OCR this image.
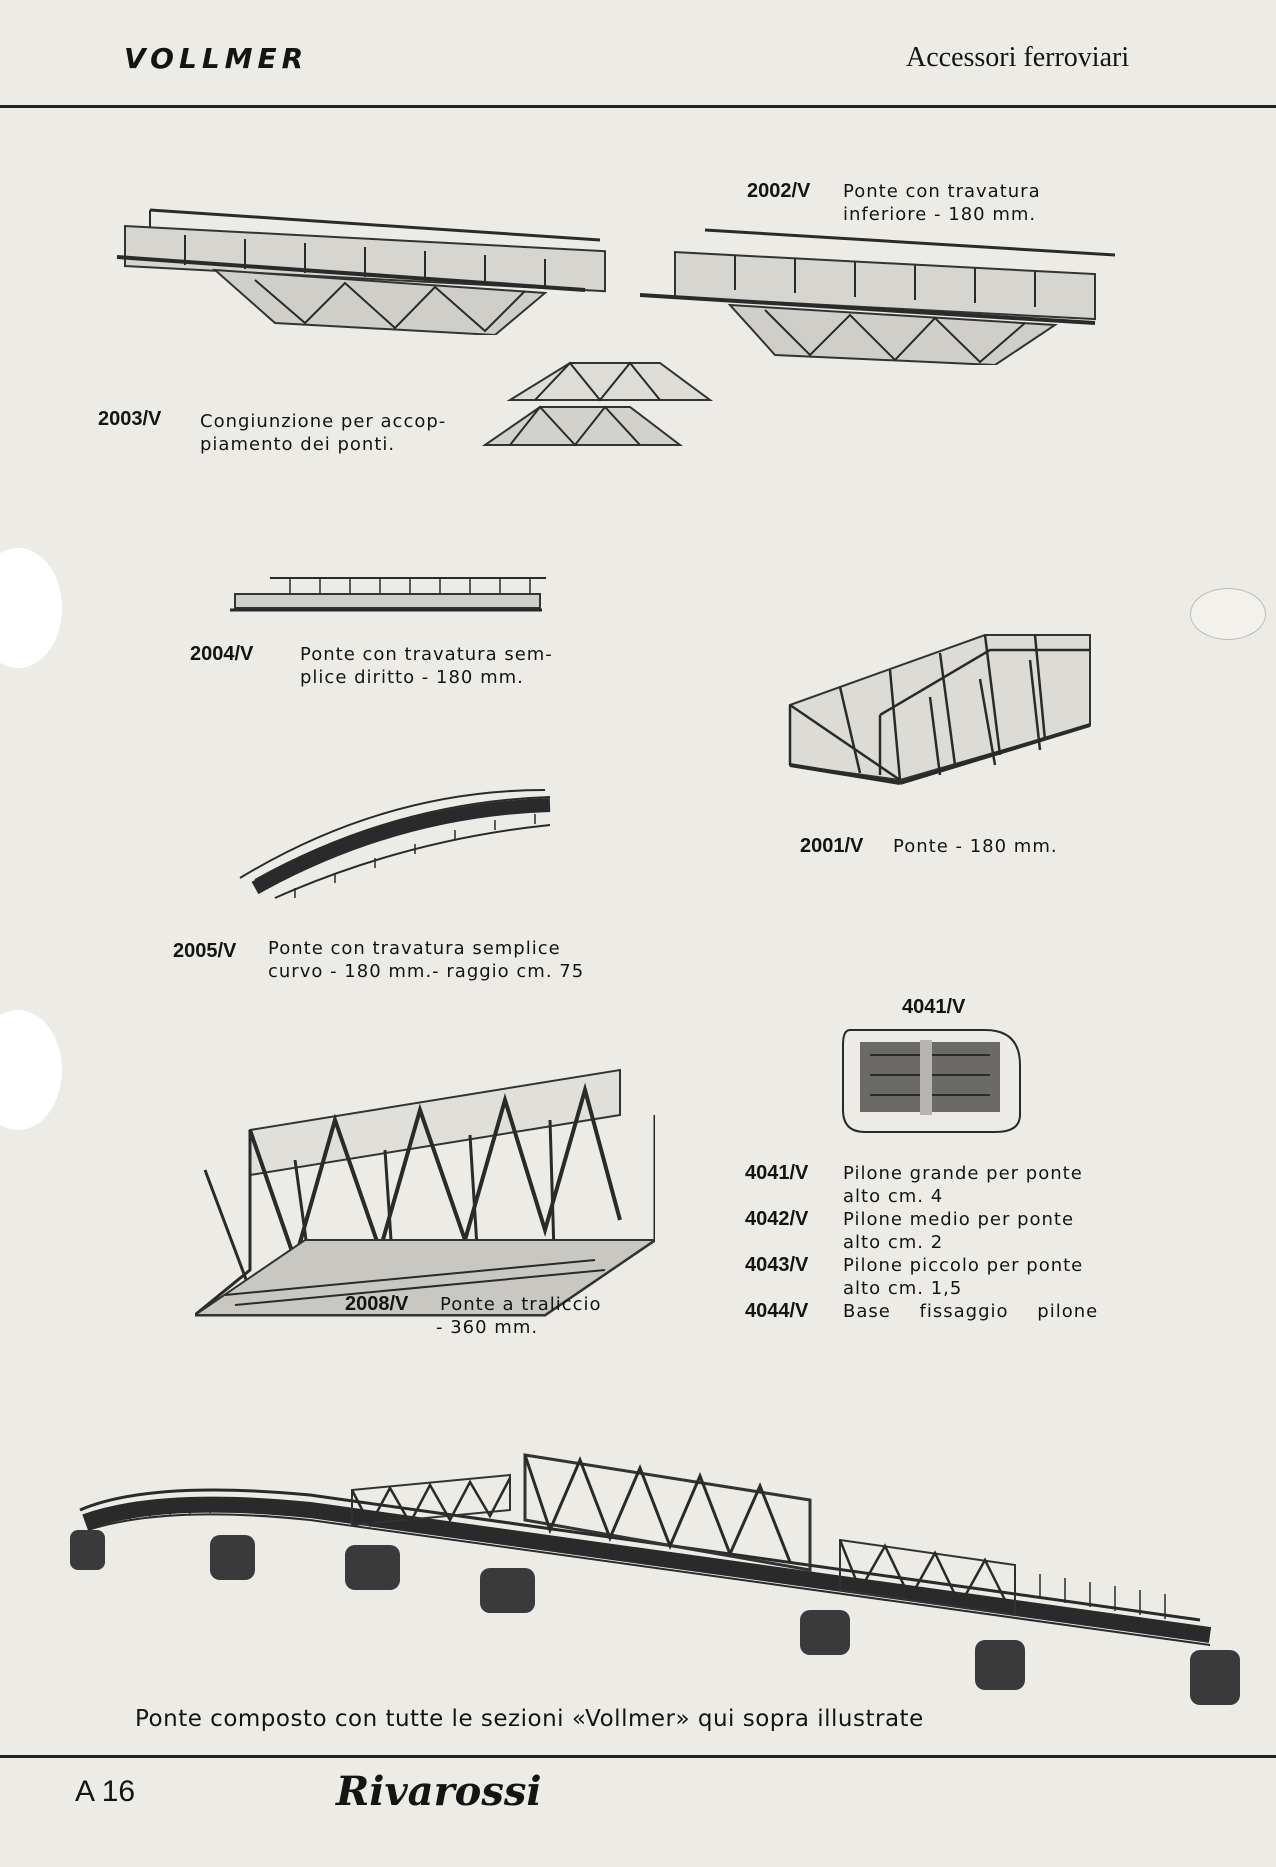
VOLLMER	Accessori ferroviari
2002/V Ponte con travatura
inferiore - 180 mm.
2003/V Congiunzione per accop-
piamento dei ponti.
2004/V	Ponte con travatura sem-
plice diritto - 180 mm.
2001/V Ponte - 180 mm.
2005/V Ponte con travatura semplice
curvo - 180 mm.- raggio cm. 75
4041/V
2008/V Ponte a traliccio
- 360 mm.
4041/V Pilone grande per ponte
alto cm. 4
4042/V Pilone medio per ponte
alto cm. 2
4043/V Pilone piccolo per ponte
alto cm. 1,5
4044/V Base fissaggio pilone
Ponte composto con tutte le sezioni «Vollmer» qui sopra illustrate
A 16	Rivarossi
